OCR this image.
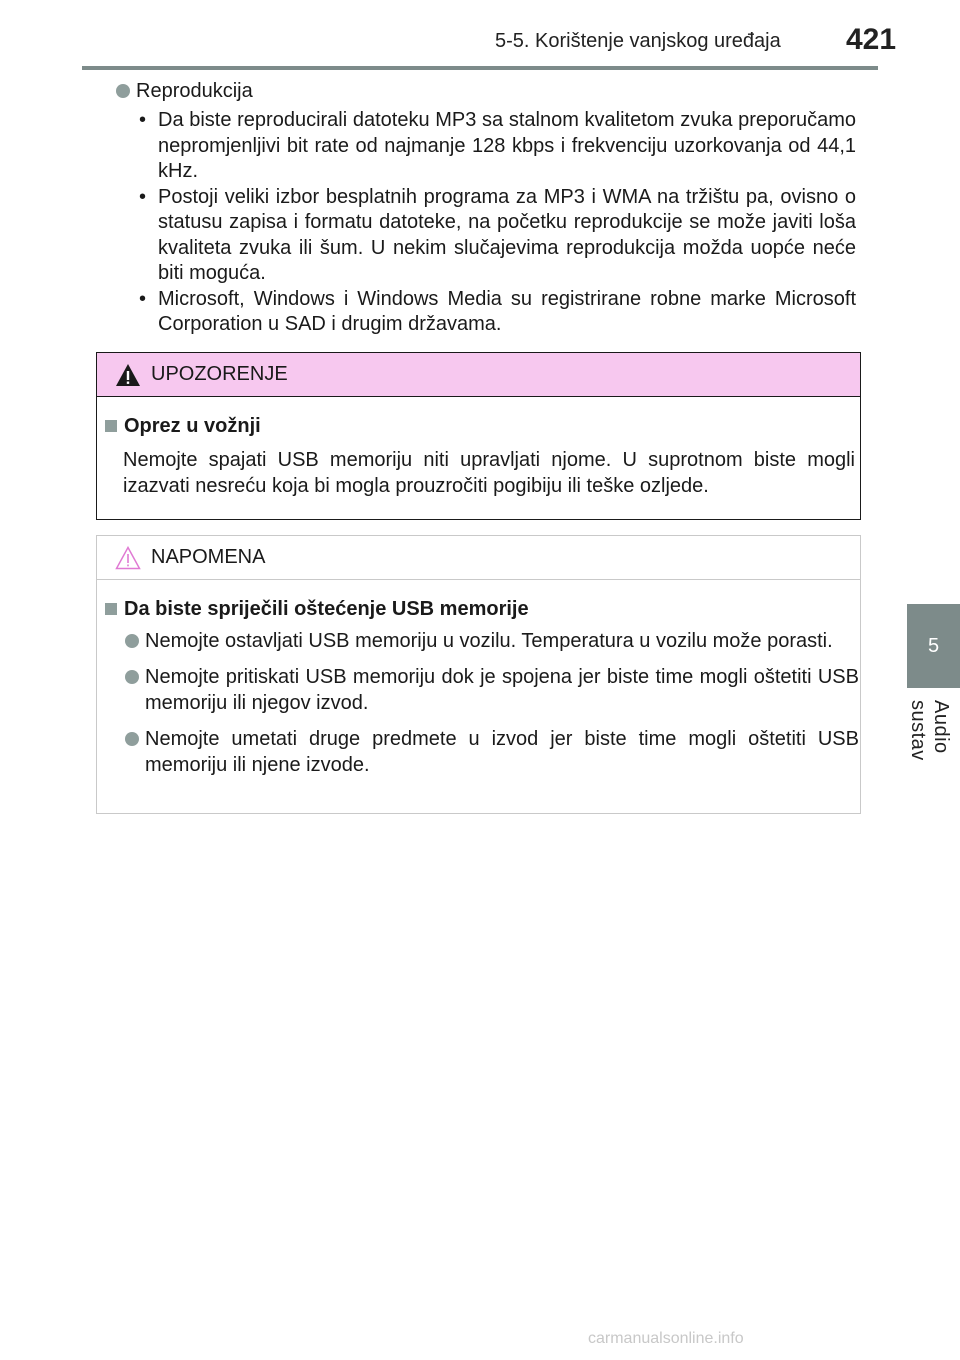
5-5. Korištenje vanjskog uređaja 421
5
Audio sustav
Reprodukcija
• Da biste reproducirali datoteku MP3 sa stalnom kvalitetom zvuka preporučamo nepromjenljivi bit rate od najmanje 128 kbps i frekvenciju uzorkovanja od 44,1 kHz.
• Postoji veliki izbor besplatnih programa za MP3 i WMA na tržištu pa, ovisno o statusu zapisa i formatu datoteke, na početku reprodukcije se može javiti loša kvaliteta zvuka ili šum. U nekim slučajevima reprodukcija možda uopće neće biti moguća.
• Microsoft, Windows i Windows Media su registrirane robne marke Microsoft Corporation u SAD i drugim državama.
UPOZORENJE
Oprez u vožnji
Nemojte spajati USB memoriju niti upravljati njome. U suprotnom biste mogli izazvati nesreću koja bi mogla prouzročiti pogibiju ili teške ozljede.
NAPOMENA
Da biste spriječili oštećenje USB memorije
Nemojte ostavljati USB memoriju u vozilu. Temperatura u vozilu može porasti.
Nemojte pritiskati USB memoriju dok je spojena jer biste time mogli oštetiti USB memoriju ili njegov izvod.
Nemojte umetati druge predmete u izvod jer biste time mogli oštetiti USB memoriju ili njene izvode.
carmanualsonline.info
